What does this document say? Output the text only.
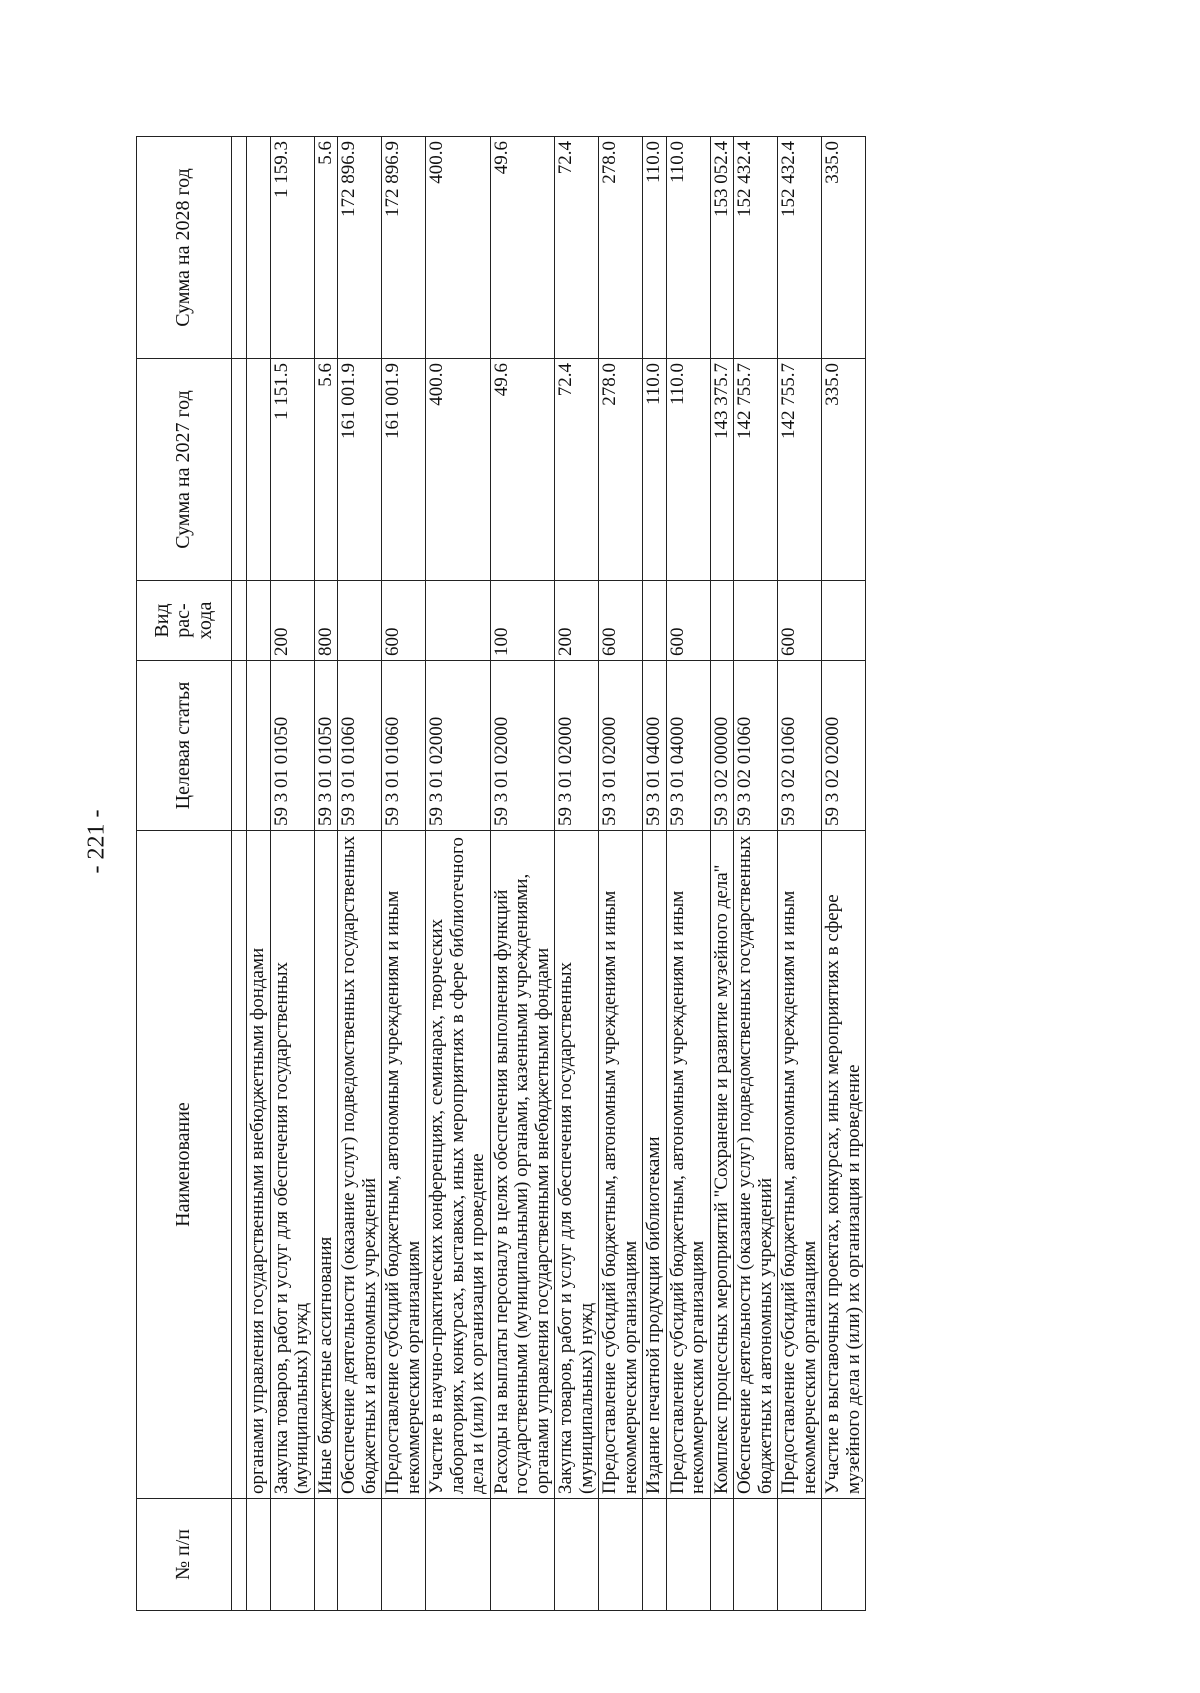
- 221 -
№ п/п	Наименование	Целевая статья	Вид рас-хода	Сумма на 2027 год	Сумма на 2028 год

	органами управления государственными внебюджетными фондами				
	Закупка товаров, работ и услуг для обеспечения государственных (муниципальных) нужд	59 3 01 01050	200	1 151.5	1 159.3
	Иные бюджетные ассигнования	59 3 01 01050	800	5.6	5.6
	Обеспечение деятельности (оказание услуг) подведомственных государственных бюджетных и автономных учреждений	59 3 01 01060		161 001.9	172 896.9
	Предоставление субсидий бюджетным, автономным учреждениям и иным некоммерческим организациям	59 3 01 01060	600	161 001.9	172 896.9
	Участие в научно-практических конференциях, семинарах, творческих лабораториях, конкурсах, выставках, иных мероприятиях в сфере библиотечного дела и (или) их организация и проведение	59 3 01 02000		400.0	400.0
	Расходы на выплаты персоналу в целях обеспечения выполнения функций государственными (муниципальными) органами, казенными учреждениями, органами управления государственными внебюджетными фондами	59 3 01 02000	100	49.6	49.6
	Закупка товаров, работ и услуг для обеспечения государственных (муниципальных) нужд	59 3 01 02000	200	72.4	72.4
	Предоставление субсидий бюджетным, автономным учреждениям и иным некоммерческим организациям	59 3 01 02000	600	278.0	278.0
	Издание печатной продукции библиотеками	59 3 01 04000		110.0	110.0
	Предоставление субсидий бюджетным, автономным учреждениям и иным некоммерческим организациям	59 3 01 04000	600	110.0	110.0
	Комплекс процессных мероприятий "Сохранение и развитие музейного дела"	59 3 02 00000		143 375.7	153 052.4
	Обеспечение деятельности (оказание услуг) подведомственных государственных бюджетных и автономных учреждений	59 3 02 01060		142 755.7	152 432.4
	Предоставление субсидий бюджетным, автономным учреждениям и иным некоммерческим организациям	59 3 02 01060	600	142 755.7	152 432.4
	Участие в выставочных проектах, конкурсах, иных мероприятиях в сфере музейного дела и (или) их организация и проведение	59 3 02 02000		335.0	335.0
